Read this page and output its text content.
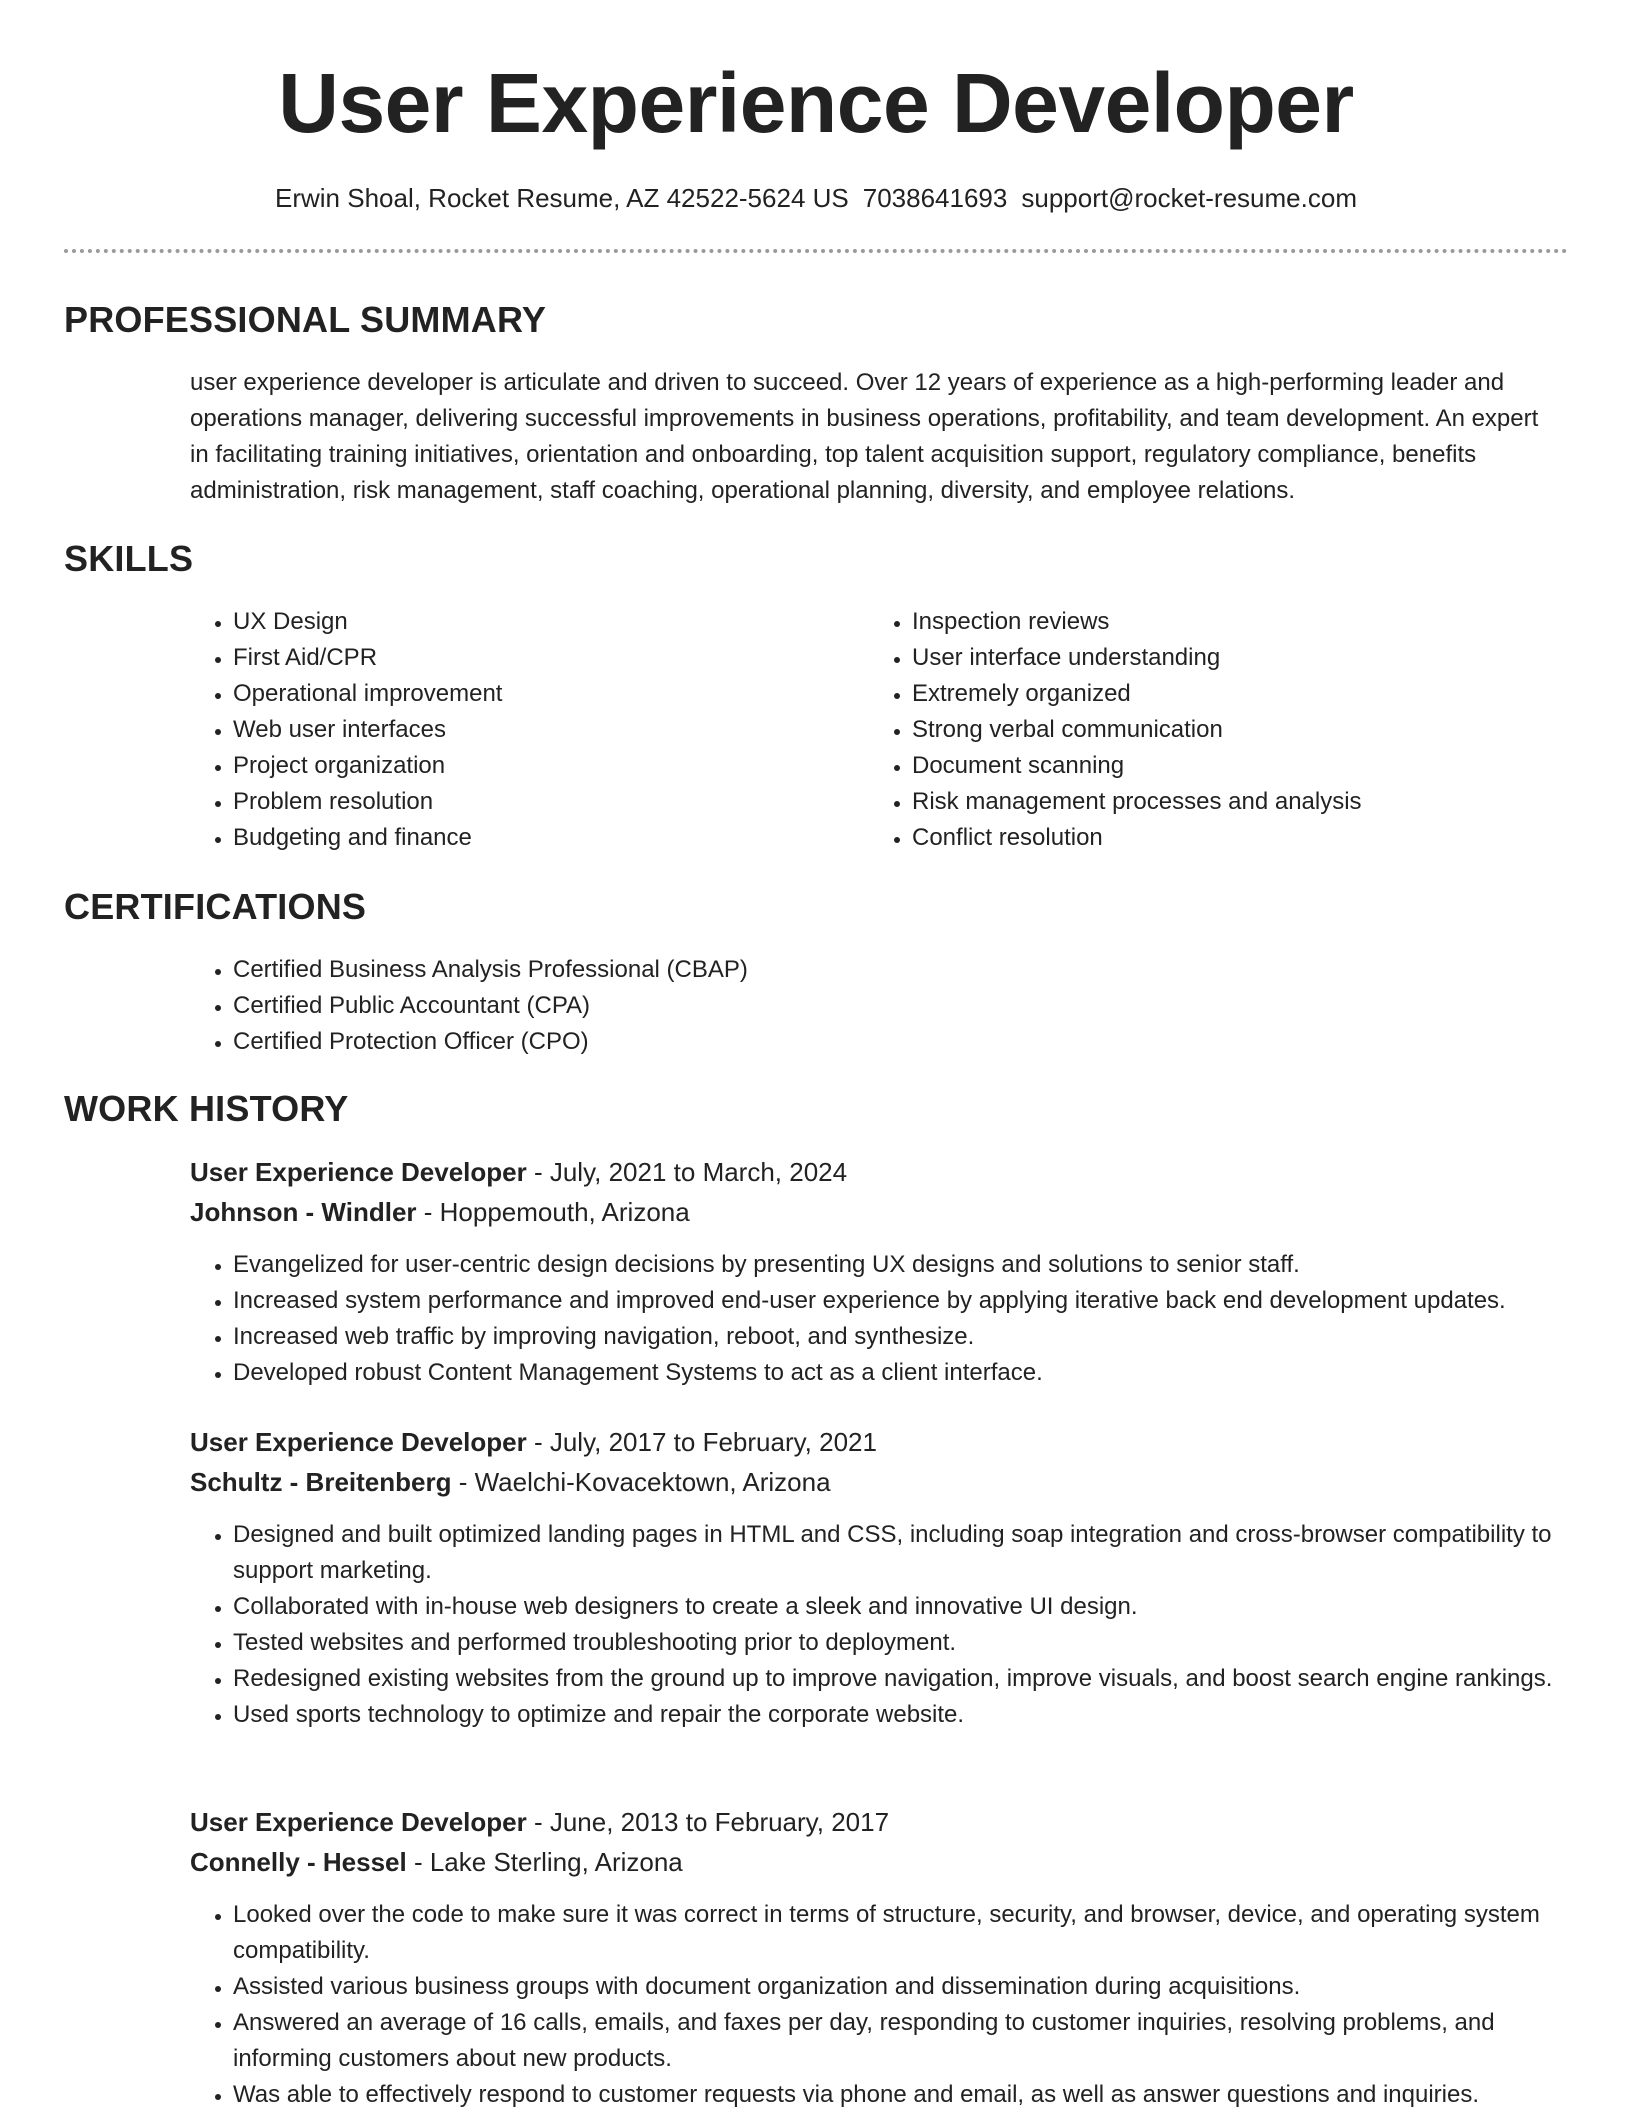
User Experience Developer
Erwin Shoal, Rocket Resume, AZ 42522-5624 US 7038641693 support@rocket-resume.com
PROFESSIONAL SUMMARY
user experience developer is articulate and driven to succeed. Over 12 years of experience as a high-performing leader and operations manager, delivering successful improvements in business operations, profitability, and team development. An expert in facilitating training initiatives, orientation and onboarding, top talent acquisition support, regulatory compliance, benefits administration, risk management, staff coaching, operational planning, diversity, and employee relations.
SKILLS
• UX Design
• First Aid/CPR
• Operational improvement
• Web user interfaces
• Project organization
• Problem resolution
• Budgeting and finance
• Inspection reviews
• User interface understanding
• Extremely organized
• Strong verbal communication
• Document scanning
• Risk management processes and analysis
• Conflict resolution
CERTIFICATIONS
• Certified Business Analysis Professional (CBAP)
• Certified Public Accountant (CPA)
• Certified Protection Officer (CPO)
WORK HISTORY
User Experience Developer - July, 2021 to March, 2024
Johnson - Windler - Hoppemouth, Arizona
• Evangelized for user-centric design decisions by presenting UX designs and solutions to senior staff.
• Increased system performance and improved end-user experience by applying iterative back end development updates.
• Increased web traffic by improving navigation, reboot, and synthesize.
• Developed robust Content Management Systems to act as a client interface.
User Experience Developer - July, 2017 to February, 2021
Schultz - Breitenberg - Waelchi-Kovacektown, Arizona
• Designed and built optimized landing pages in HTML and CSS, including soap integration and cross-browser compatibility to support marketing.
• Collaborated with in-house web designers to create a sleek and innovative UI design.
• Tested websites and performed troubleshooting prior to deployment.
• Redesigned existing websites from the ground up to improve navigation, improve visuals, and boost search engine rankings.
• Used sports technology to optimize and repair the corporate website.
User Experience Developer - June, 2013 to February, 2017
Connelly - Hessel - Lake Sterling, Arizona
• Looked over the code to make sure it was correct in terms of structure, security, and browser, device, and operating system compatibility.
• Assisted various business groups with document organization and dissemination during acquisitions.
• Answered an average of 16 calls, emails, and faxes per day, responding to customer inquiries, resolving problems, and informing customers about new products.
• Was able to effectively respond to customer requests via phone and email, as well as answer questions and inquiries.
